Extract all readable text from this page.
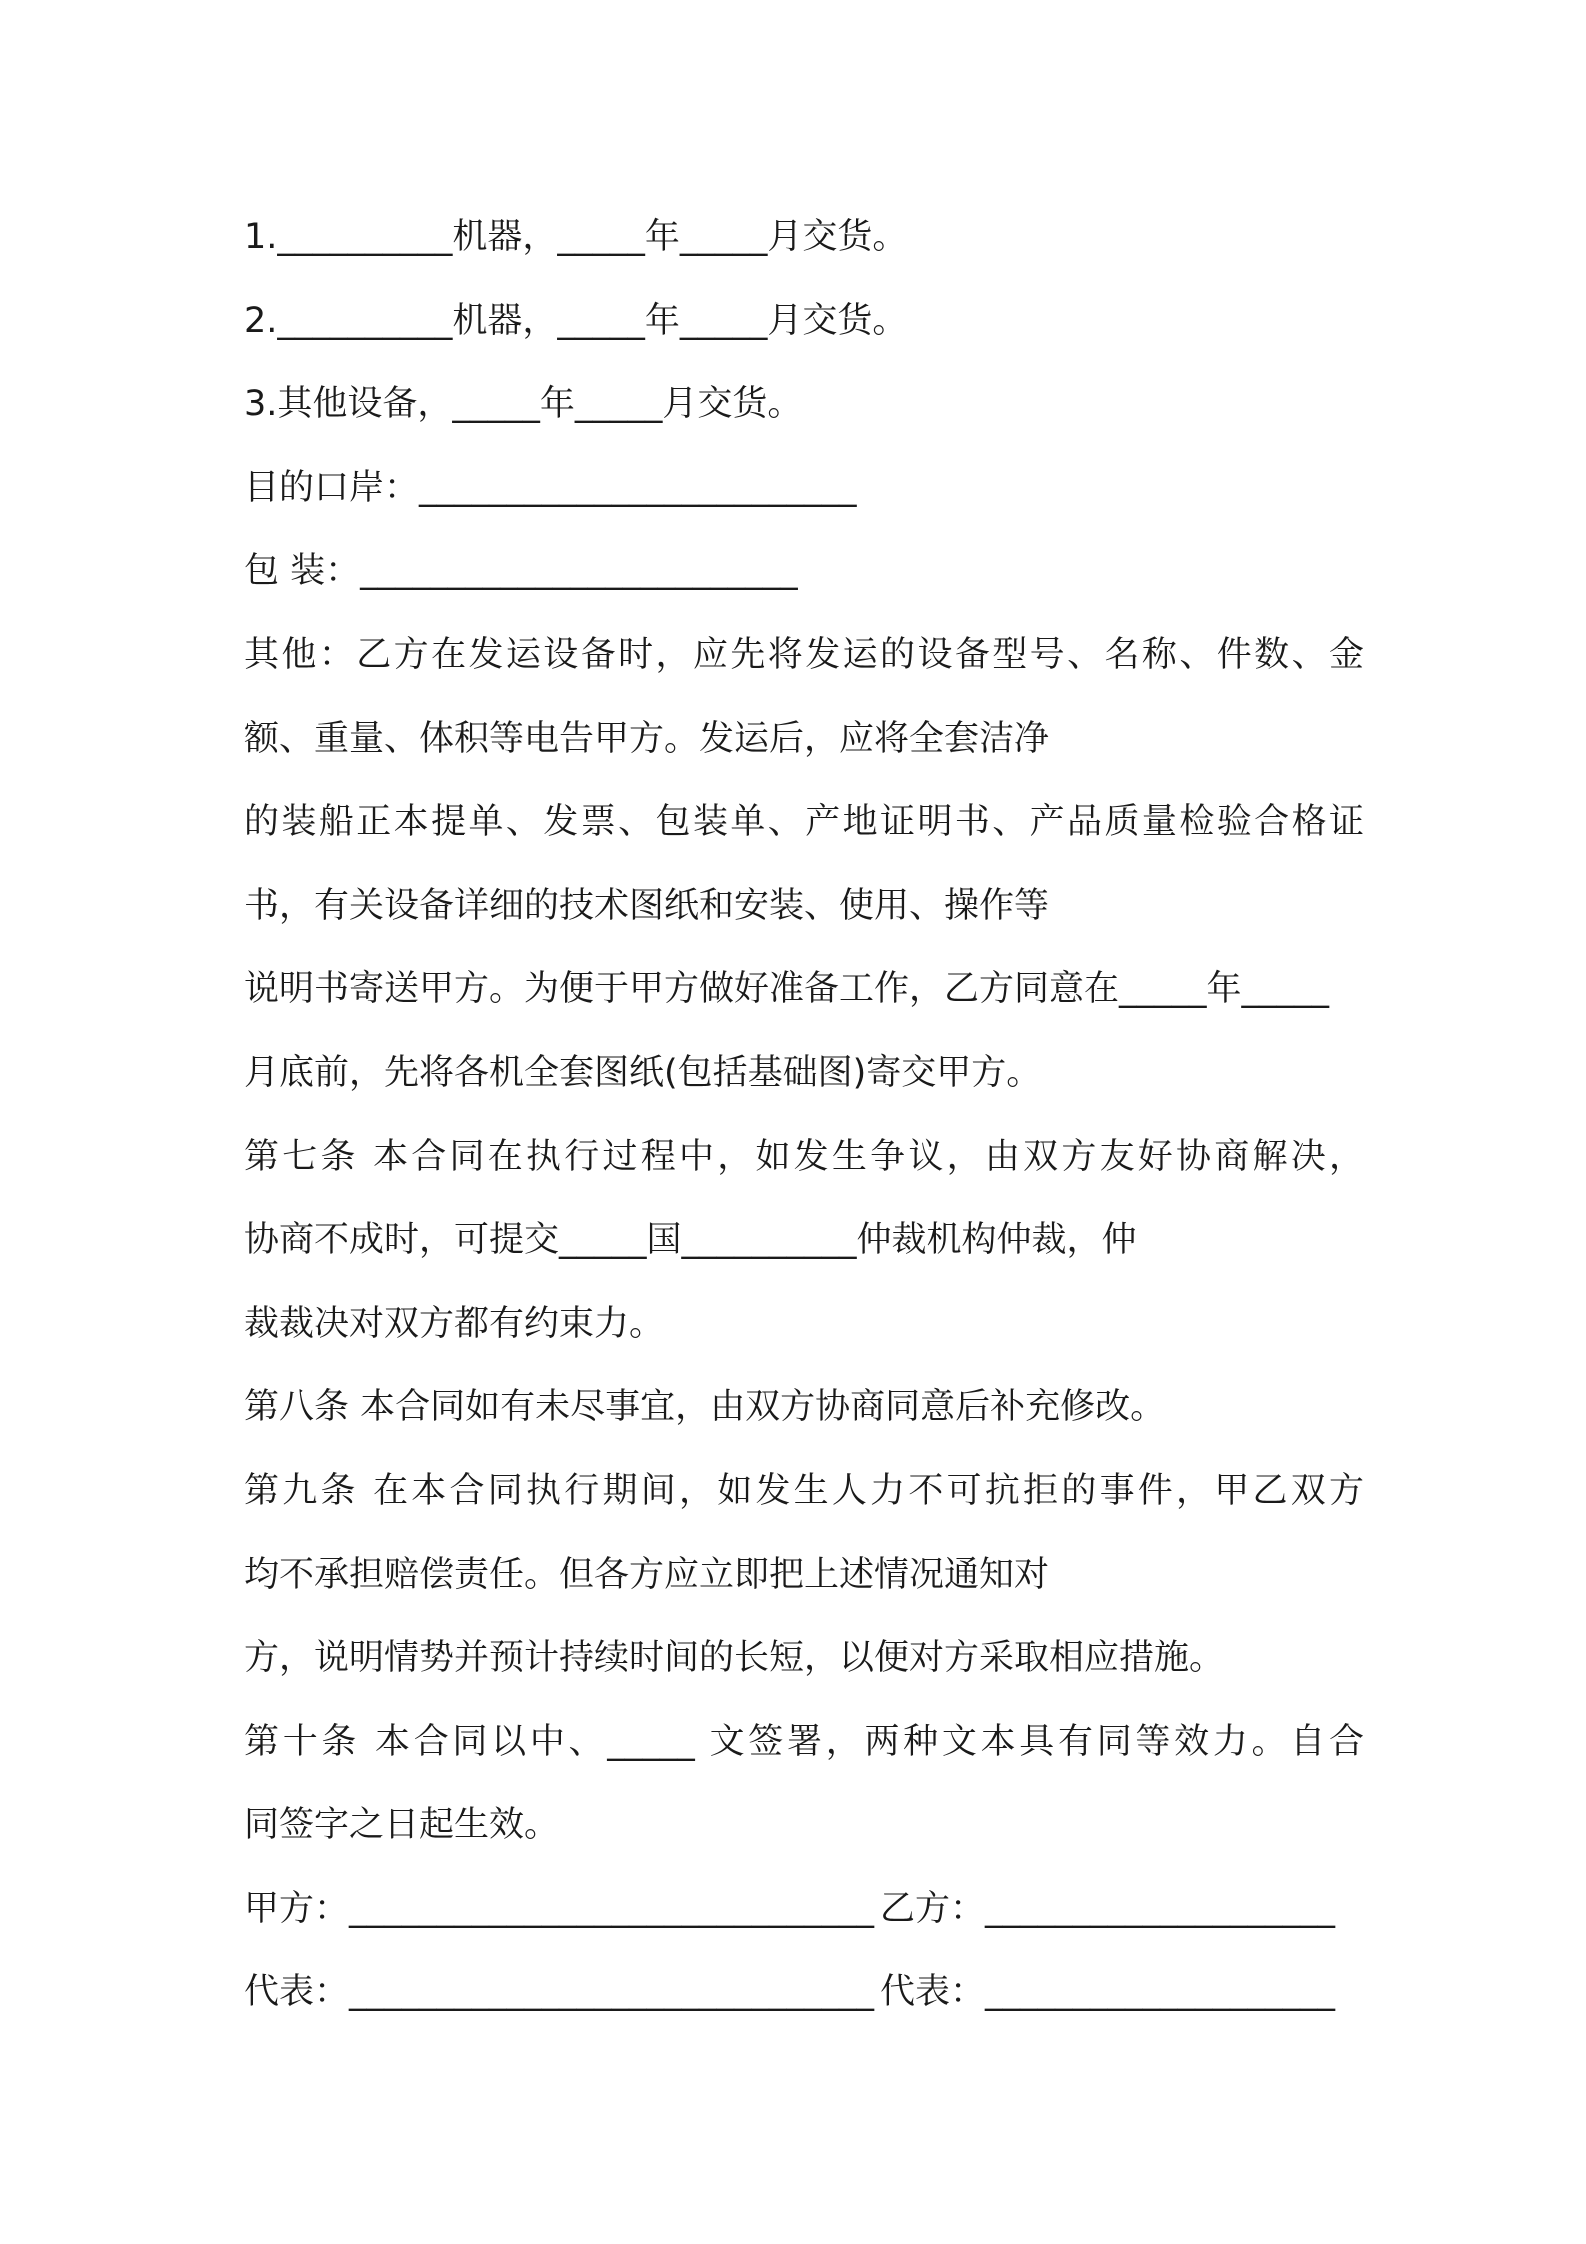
1.__________机器，_____年_____月交货。
2.__________机器，_____年_____月交货。
3.其他设备，_____年_____月交货。
目的口岸：_________________________
包 装：_________________________
其他：乙方在发运设备时，应先将发运的设备型号、名称、件数、金
额、重量、体积等电告甲方。发运后，应将全套洁净
的装船正本提单、发票、包装单、产地证明书、产品质量检验合格证
书，有关设备详细的技术图纸和安装、使用、操作等
说明书寄送甲方。为便于甲方做好准备工作，乙方同意在_____年_____
月底前，先将各机全套图纸(包括基础图)寄交甲方。
第七条 本合同在执行过程中，如发生争议，由双方友好协商解决，
协商不成时，可提交_____国__________仲裁机构仲裁，仲
裁裁决对双方都有约束力。
第八条 本合同如有未尽事宜，由双方协商同意后补充修改。
第九条 在本合同执行期间，如发生人力不可抗拒的事件，甲乙双方
均不承担赔偿责任。但各方应立即把上述情况通知对
方，说明情势并预计持续时间的长短，以便对方采取相应措施。
第十条 本合同以中、_____ 文签署，两种文本具有同等效力。自合
同签字之日起生效。
甲方：______________________________ 乙方：____________________
代表：______________________________ 代表：____________________
